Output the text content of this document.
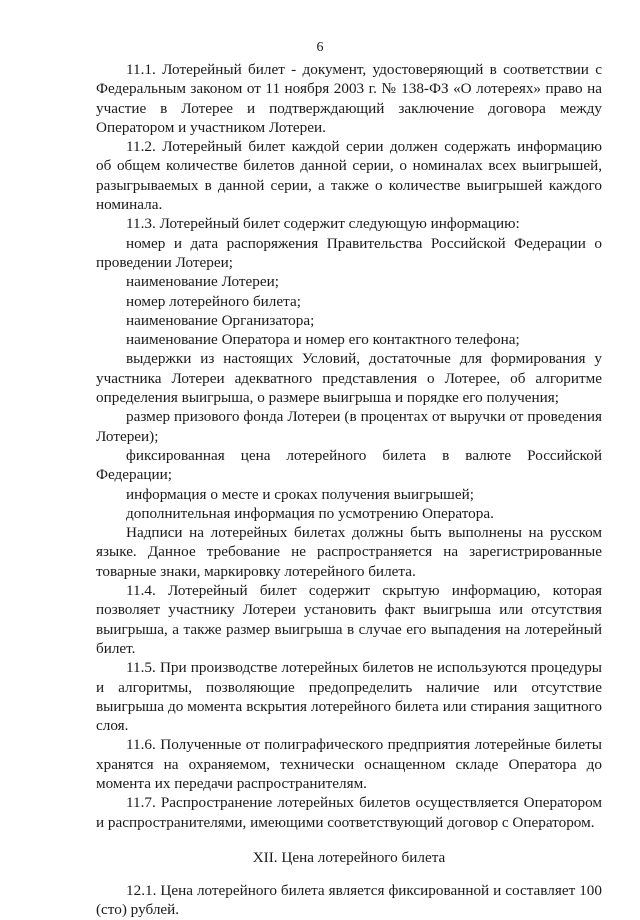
6

11.1. Лотерейный билет - документ, удостоверяющий в соответствии с Федеральным законом от 11 ноября 2003 г. № 138-ФЗ «О лотереях» право на участие в Лотерее и подтверждающий заключение договора между Оператором и участником Лотереи.

11.2. Лотерейный билет каждой серии должен содержать информацию об общем количестве билетов данной серии, о номиналах всех выигрышей, разыгрываемых в данной серии, а также о количестве выигрышей каждого номинала.

11.3. Лотерейный билет содержит следующую информацию:

номер и дата распоряжения Правительства Российской Федерации о проведении Лотереи;

наименование Лотереи;

номер лотерейного билета;

наименование Организатора;

наименование Оператора и номер его контактного телефона;

выдержки из настоящих Условий, достаточные для формирования у участника Лотереи адекватного представления о Лотерее, об алгоритме определения выигрыша, о размере выигрыша и порядке его получения;

размер призового фонда Лотереи (в процентах от выручки от проведения Лотереи);

фиксированная цена лотерейного билета в валюте Российской Федерации;

информация о месте и сроках получения выигрышей;

дополнительная информация по усмотрению Оператора.

Надписи на лотерейных билетах должны быть выполнены на русском языке. Данное требование не распространяется на зарегистрированные товарные знаки, маркировку лотерейного билета.

11.4. Лотерейный билет содержит скрытую информацию, которая позволяет участнику Лотереи установить факт выигрыша или отсутствия выигрыша, а также размер выигрыша в случае его выпадения на лотерейный билет.

11.5. При производстве лотерейных билетов не используются процедуры и алгоритмы, позволяющие предопределить наличие или отсутствие выигрыша до момента вскрытия лотерейного билета или стирания защитного слоя.

11.6. Полученные от полиграфического предприятия лотерейные билеты хранятся на охраняемом, технически оснащенном складе Оператора до момента их передачи распространителям.

11.7. Распространение лотерейных билетов осуществляется Оператором и распространителями, имеющими соответствующий договор с Оператором.

XII. Цена лотерейного билета

12.1. Цена лотерейного билета является фиксированной и составляет 100 (сто) рублей.
